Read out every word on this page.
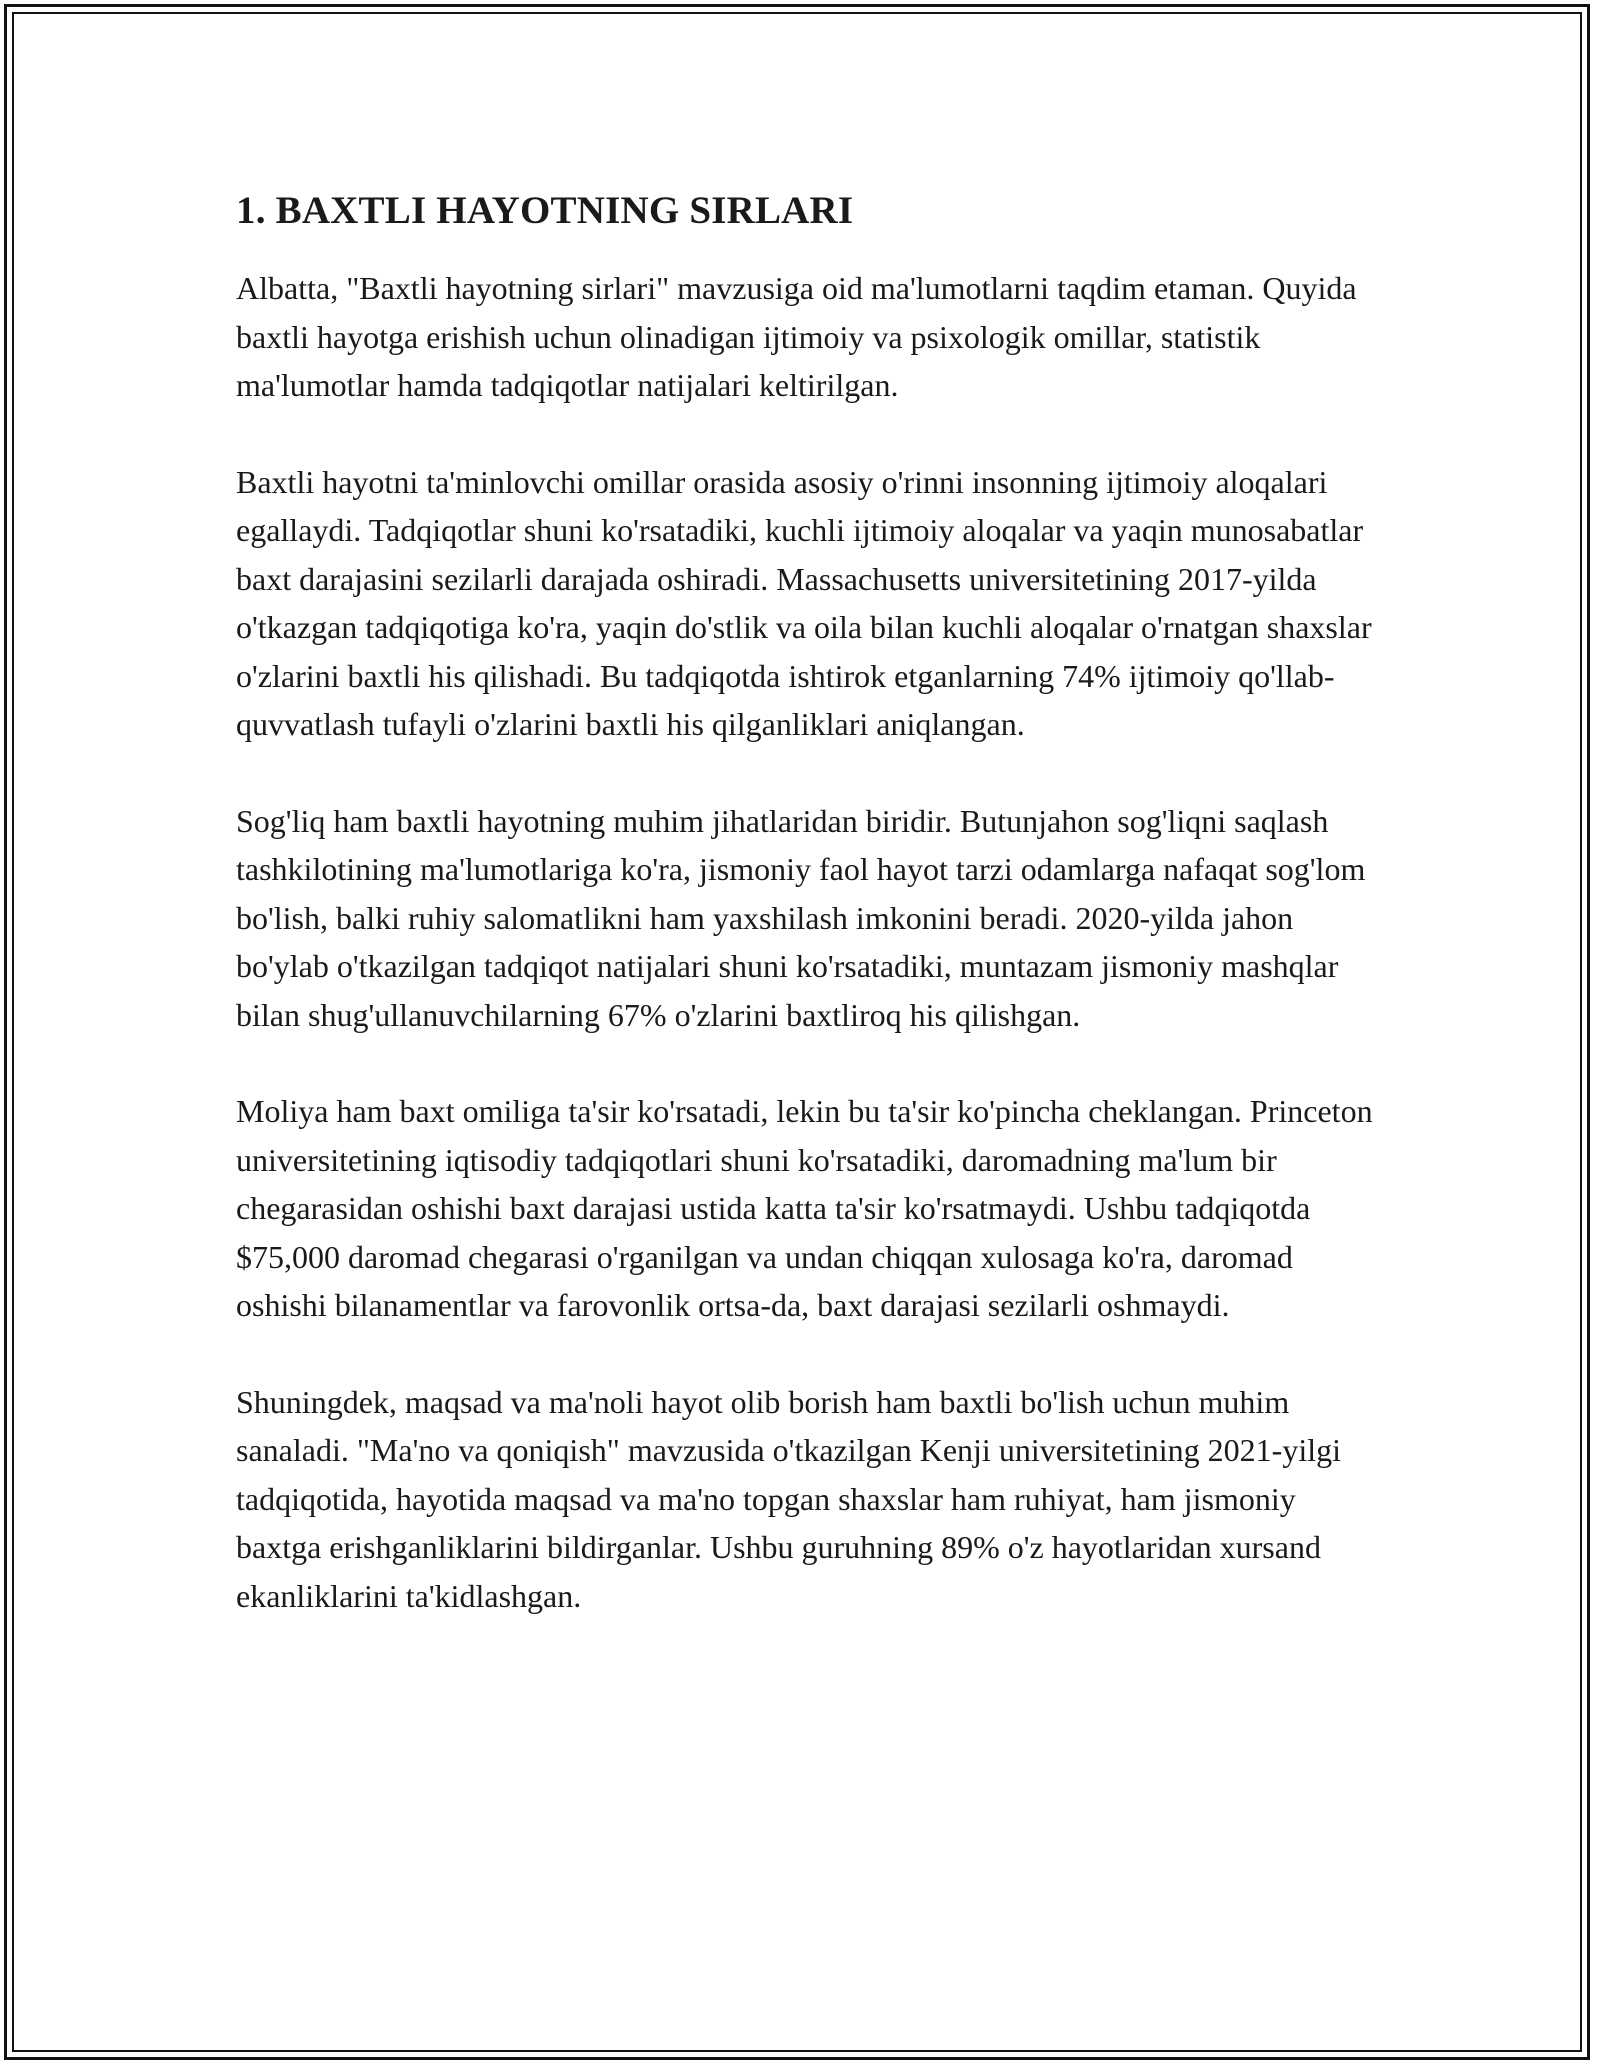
1. BAXTLI HAYOTNING SIRLARI

Albatta, "Baxtli hayotning sirlari" mavzusiga oid ma'lumotlarni taqdim etaman. Quyida baxtli hayotga erishish uchun olinadigan ijtimoiy va psixologik omillar, statistik ma'lumotlar hamda tadqiqotlar natijalari keltirilgan.

Baxtli hayotni ta'minlovchi omillar orasida asosiy o'rinni insonning ijtimoiy aloqalari egallaydi. Tadqiqotlar shuni ko'rsatadiki, kuchli ijtimoiy aloqalar va yaqin munosabatlar baxt darajasini sezilarli darajada oshiradi. Massachusetts universitetining 2017-yilda o'tkazgan tadqiqotiga ko'ra, yaqin do'stlik va oila bilan kuchli aloqalar o'rnatgan shaxslar o'zlarini baxtli his qilishadi. Bu tadqiqotda ishtirok etganlarning 74% ijtimoiy qo'llab-quvvatlash tufayli o'zlarini baxtli his qilganliklari aniqlangan.

Sog'liq ham baxtli hayotning muhim jihatlaridan biridir. Butunjahon sog'liqni saqlash tashkilotining ma'lumotlariga ko'ra, jismoniy faol hayot tarzi odamlarga nafaqat sog'lom bo'lish, balki ruhiy salomatlikni ham yaxshilash imkonini beradi. 2020-yilda jahon bo'ylab o'tkazilgan tadqiqot natijalari shuni ko'rsatadiki, muntazam jismoniy mashqlar bilan shug'ullanuvchilarning 67% o'zlarini baxtliroq his qilishgan.

Moliya ham baxt omiliga ta'sir ko'rsatadi, lekin bu ta'sir ko'pincha cheklangan. Princeton universitetining iqtisodiy tadqiqotlari shuni ko'rsatadiki, daromadning ma'lum bir chegarasidan oshishi baxt darajasi ustida katta ta'sir ko'rsatmaydi. Ushbu tadqiqotda $75,000 daromad chegarasi o'rganilgan va undan chiqqan xulosaga ko'ra, daromad oshishi bilanamentlar va farovonlik ortsa-da, baxt darajasi sezilarli oshmaydi.

Shuningdek, maqsad va ma'noli hayot olib borish ham baxtli bo'lish uchun muhim sanaladi. "Ma'no va qoniqish" mavzusida o'tkazilgan Kenji universitetining 2021-yilgi tadqiqotida, hayotida maqsad va ma'no topgan shaxslar ham ruhiyat, ham jismoniy baxtga erishganliklarini bildirganlar. Ushbu guruhning 89% o'z hayotlaridan xursand ekanliklarini ta'kidlashgan.
